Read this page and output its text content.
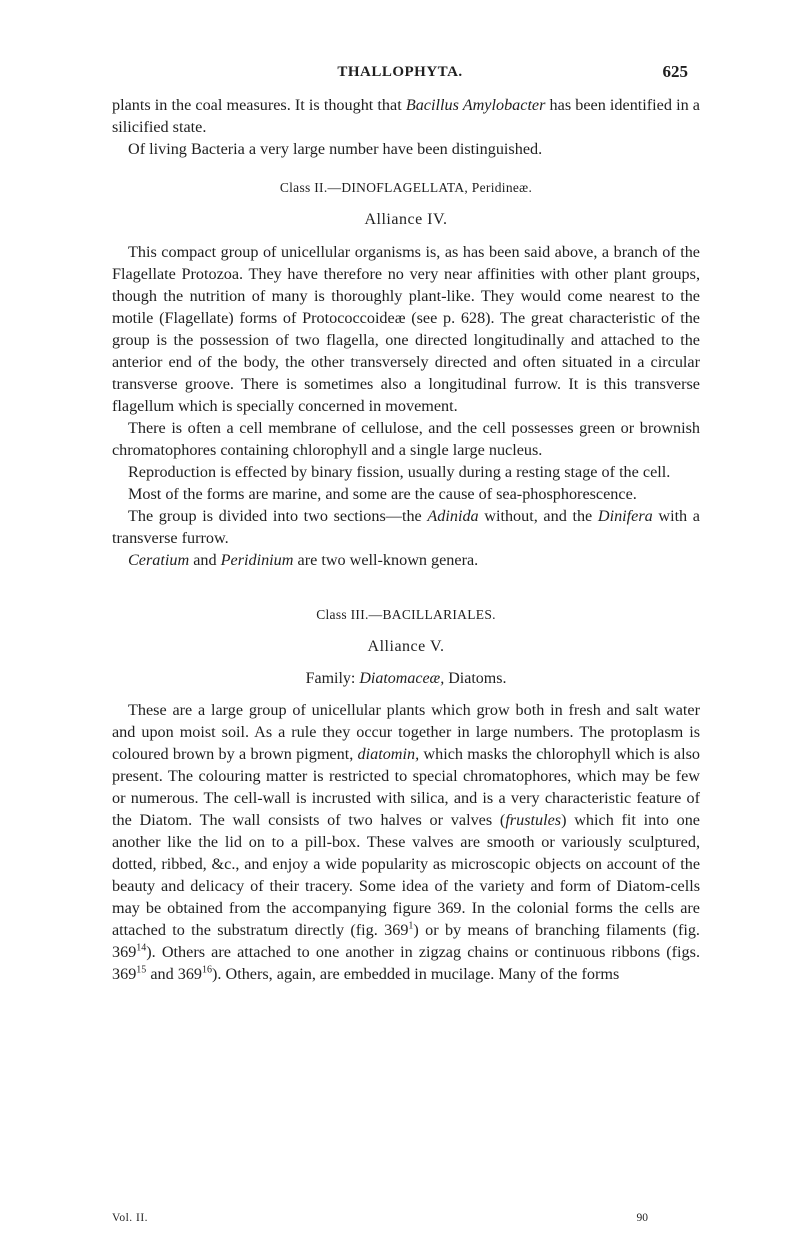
THALLOPHYTA.	625

plants in the coal measures. It is thought that Bacillus Amylobacter has been identified in a silicified state.

Of living Bacteria a very large number have been distinguished.

Class II.—DINOFLAGELLATA, Peridineæ.
Alliance IV.

This compact group of unicellular organisms is, as has been said above, a branch of the Flagellate Protozoa. They have therefore no very near affinities with other plant groups, though the nutrition of many is thoroughly plant-like. They would come nearest to the motile (Flagellate) forms of Protococcoideæ (see p. 628). The great characteristic of the group is the possession of two flagella, one directed longitudinally and attached to the anterior end of the body, the other transversely directed and often situated in a circular transverse groove. There is sometimes also a longitudinal furrow. It is this transverse flagellum which is specially concerned in movement.

There is often a cell membrane of cellulose, and the cell possesses green or brownish chromatophores containing chlorophyll and a single large nucleus.

Reproduction is effected by binary fission, usually during a resting stage of the cell.

Most of the forms are marine, and some are the cause of sea-phosphorescence.

The group is divided into two sections—the Adinida without, and the Dinifera with a transverse furrow.

Ceratium and Peridinium are two well-known genera.

Class III.—BACILLARIALES.
Alliance V.
Family: Diatomaceæ, Diatoms.

These are a large group of unicellular plants which grow both in fresh and salt water and upon moist soil. As a rule they occur together in large numbers. The protoplasm is coloured brown by a brown pigment, diatomin, which masks the chlorophyll which is also present. The colouring matter is restricted to special chromatophores, which may be few or numerous. The cell-wall is incrusted with silica, and is a very characteristic feature of the Diatom. The wall consists of two halves or valves (frustules) which fit into one another like the lid on to a pill-box. These valves are smooth or variously sculptured, dotted, ribbed, &c., and enjoy a wide popularity as microscopic objects on account of the beauty and delicacy of their tracery. Some idea of the variety and form of Diatom-cells may be obtained from the accompanying figure 369. In the colonial forms the cells are attached to the substratum directly (fig. $369^1$) or by means of branching filaments (fig. $369^{14}$). Others are attached to one another in zigzag chains or continuous ribbons (figs. $369^{15}$ and $369^{16}$). Others, again, are embedded in mucilage. Many of the forms

Vol. II.	90
